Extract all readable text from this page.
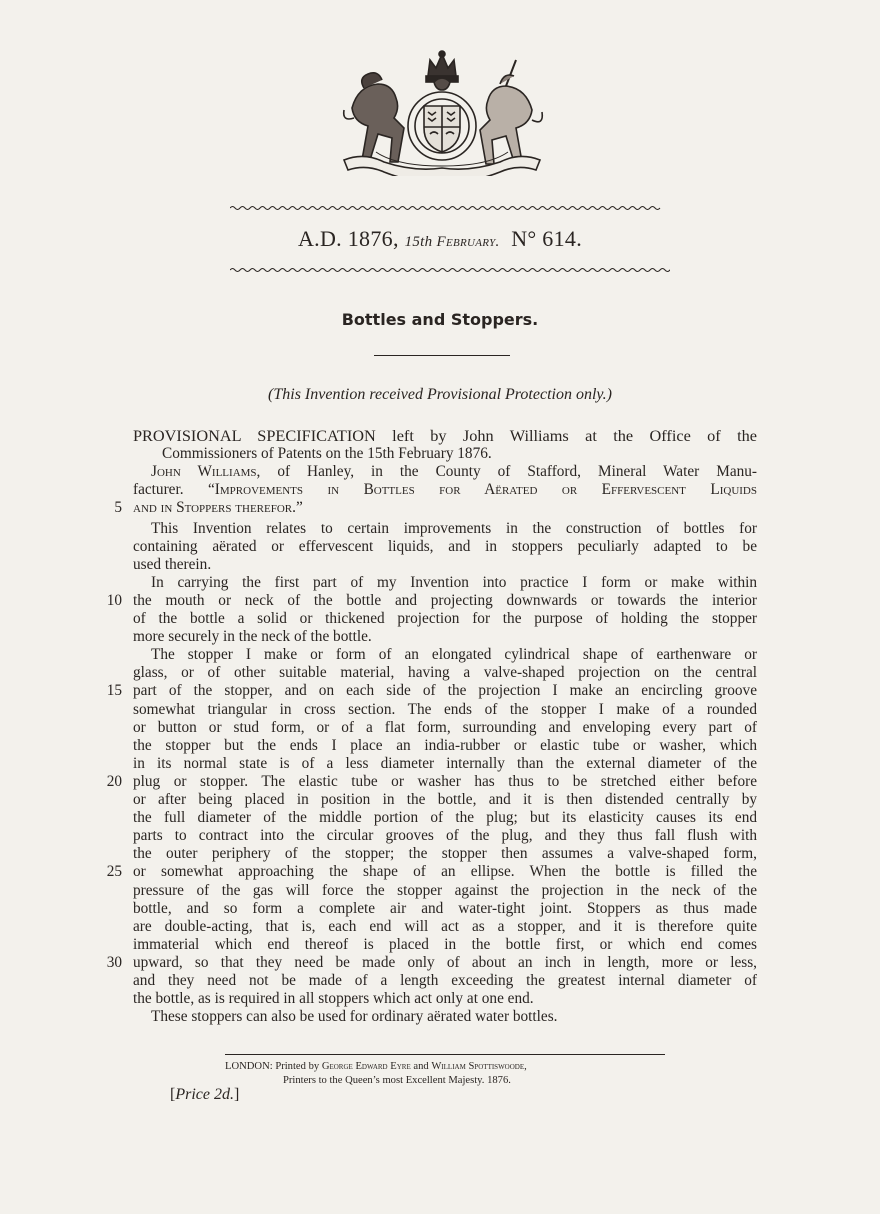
A.D. 1876, 15th February. N° 614.
Bottles and Stoppers.
(This Invention received Provisional Protection only.)
PROVISIONAL SPECIFICATION left by John Williams at the Office of the
Commissioners of Patents on the 15th February 1876.
John Williams, of Hanley, in the County of Stafford, Mineral Water Manu-
facturer. “Improvements in Bottles for Aërated or Effervescent Liquids
and in Stoppers therefor.”
This Invention relates to certain improvements in the construction of bottles for
containing aërated or effervescent liquids, and in stoppers peculiarly adapted to be
used therein.
In carrying the first part of my Invention into practice I form or make within
the mouth or neck of the bottle and projecting downwards or towards the interior
of the bottle a solid or thickened projection for the purpose of holding the stopper
more securely in the neck of the bottle.
The stopper I make or form of an elongated cylindrical shape of earthenware or
glass, or of other suitable material, having a valve-shaped projection on the central
part of the stopper, and on each side of the projection I make an encircling groove
somewhat triangular in cross section. The ends of the stopper I make of a rounded
or button or stud form, or of a flat form, surrounding and enveloping every part of
the stopper but the ends I place an india-rubber or elastic tube or washer, which
in its normal state is of a less diameter internally than the external diameter of the
plug or stopper. The elastic tube or washer has thus to be stretched either before
or after being placed in position in the bottle, and it is then distended centrally by
the full diameter of the middle portion of the plug; but its elasticity causes its end
parts to contract into the circular grooves of the plug, and they thus fall flush with
the outer periphery of the stopper; the stopper then assumes a valve-shaped form,
or somewhat approaching the shape of an ellipse. When the bottle is filled the
pressure of the gas will force the stopper against the projection in the neck of the
bottle, and so form a complete air and water-tight joint. Stoppers as thus made
are double-acting, that is, each end will act as a stopper, and it is therefore quite
immaterial which end thereof is placed in the bottle first, or which end comes
upward, so that they need be made only of about an inch in length, more or less,
and they need not be made of a length exceeding the greatest internal diameter of
the bottle, as is required in all stoppers which act only at one end.
These stoppers can also be used for ordinary aërated water bottles.
LONDON: Printed by George Edward Eyre and William Spottiswoode,
Printers to the Queen’s most Excellent Majesty. 1876.
[Price 2d.]
5
10
15
20
25
30
